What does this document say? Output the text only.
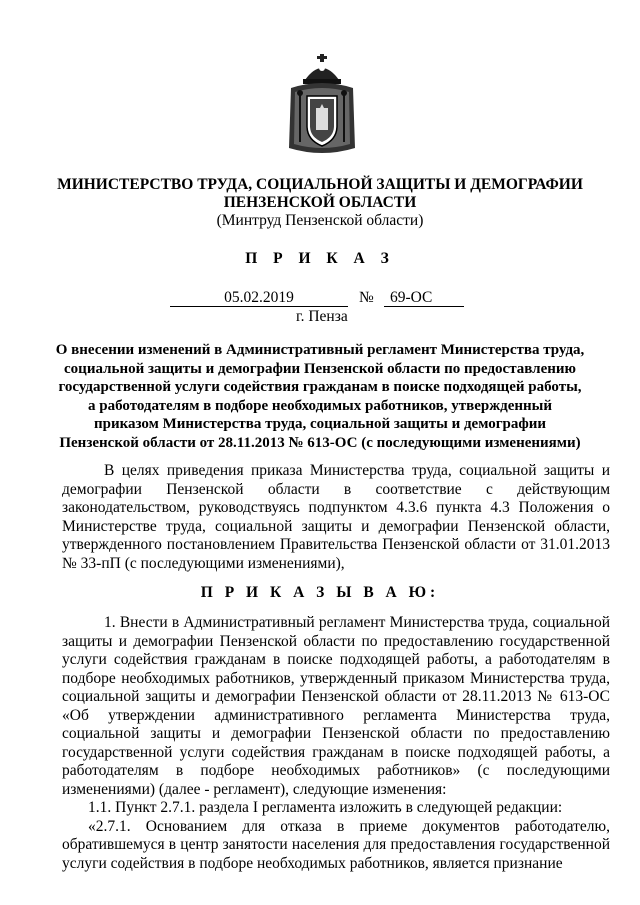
МИНИСТЕРСТВО ТРУДА, СОЦИАЛЬНОЙ ЗАЩИТЫ И ДЕМОГРАФИИ
ПЕНЗЕНСКОЙ ОБЛАСТИ
(Минтруд Пензенской области)
П Р И К А З
05.02.2019	№	69-ОС
г. Пенза
О внесении изменений в Административный регламент Министерства труда, социальной защиты и демографии Пензенской области по предоставлению государственной услуги содействия гражданам в поиске подходящей работы, а работодателям в подборе необходимых работников, утвержденный приказом Министерства труда, социальной защиты и демографии Пензенской области от 28.11.2013 № 613-ОС (с последующими изменениями)

В целях приведения приказа Министерства труда, социальной защиты и демографии Пензенской области в соответствие с действующим законодательством, руководствуясь подпунктом 4.3.6 пункта 4.3 Положения о Министерстве труда, социальной защиты и демографии Пензенской области, утвержденного постановлением Правительства Пензенской области от 31.01.2013 № 33-пП (с последующими изменениями),

П Р И К А З Ы В А Ю:

1. Внести в Административный регламент Министерства труда, социальной защиты и демографии Пензенской области по предоставлению государственной услуги содействия гражданам в поиске подходящей работы, а работодателям в подборе необходимых работников, утвержденный приказом Министерства труда, социальной защиты и демографии Пензенской области от 28.11.2013 № 613-ОС «Об утверждении административного регламента Министерства труда, социальной защиты и демографии Пензенской области по предоставлению государственной услуги содействия гражданам в поиске подходящей работы, а работодателям в подборе необходимых работников» (с последующими изменениями) (далее - регламент), следующие изменения:

1.1. Пункт 2.7.1. раздела I регламента изложить в следующей редакции:

«2.7.1. Основанием для отказа в приеме документов работодателю, обратившемуся в центр занятости населения для предоставления государственной услуги содействия в подборе необходимых работников, является признание
